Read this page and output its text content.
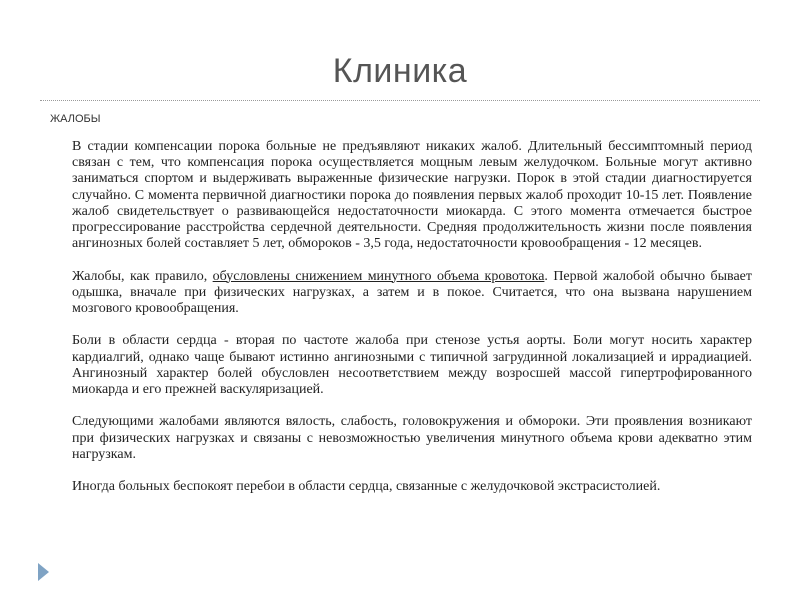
Клиника
ЖАЛОБЫ

В стадии компенсации порока больные не предъявляют никаких жалоб. Длительный бессимптомный период связан с тем, что компенсация порока осуществляется мощным левым желудочком. Больные могут активно заниматься спортом и выдерживать выраженные физические нагрузки. Порок в этой стадии диагностируется случайно. С момента первичной диагностики порока до появления первых жалоб проходит 10-15 лет. Появление жалоб свидетельствует о развивающейся недостаточности миокарда. С этого момента отмечается быстрое прогрессирование расстройства сердечной деятельности. Средняя продолжительность жизни после появления ангинозных болей составляет 5 лет, обмороков - 3,5 года, недостаточности кровообращения - 12 месяцев.

Жалобы, как правило, обусловлены снижением минутного объема кровотока. Первой жалобой обычно бывает одышка, вначале при физических нагрузках, а затем и в покое. Считается, что она вызвана нарушением мозгового кровообращения.

Боли в области сердца - вторая по частоте жалоба при стенозе устья аорты. Боли могут носить характер кардиалгий, однако чаще бывают истинно ангинозными с типичной загрудинной локализацией и иррадиацией. Ангинозный характер болей обусловлен несоответствием между возросшей массой гипертрофированного миокарда и его прежней васкуляризацией.

Следующими жалобами являются вялость, слабость, головокружения и обмороки. Эти проявления возникают при физических нагрузках и связаны с невозможностью увеличения минутного объема крови адекватно этим нагрузкам.

Иногда больных беспокоят перебои в области сердца, связанные с желудочковой экстрасистолией.
